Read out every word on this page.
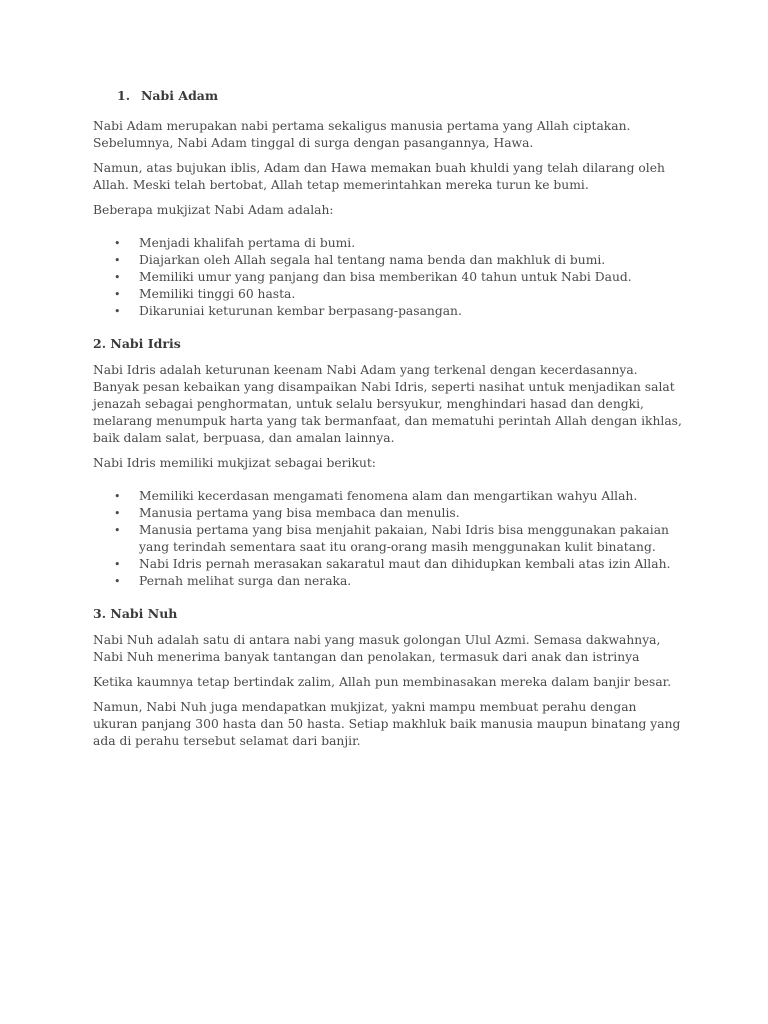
1. Nabi Adam

Nabi Adam merupakan nabi pertama sekaligus manusia pertama yang Allah ciptakan. Sebelumnya, Nabi Adam tinggal di surga dengan pasangannya, Hawa.

Namun, atas bujukan iblis, Adam dan Hawa memakan buah khuldi yang telah dilarang oleh Allah. Meski telah bertobat, Allah tetap memerintahkan mereka turun ke bumi.

Beberapa mukjizat Nabi Adam adalah:

• Menjadi khalifah pertama di bumi.
• Diajarkan oleh Allah segala hal tentang nama benda dan makhluk di bumi.
• Memiliki umur yang panjang dan bisa memberikan 40 tahun untuk Nabi Daud.
• Memiliki tinggi 60 hasta.
• Dikaruniai keturunan kembar berpasang-pasangan.
2. Nabi Idris

Nabi Idris adalah keturunan keenam Nabi Adam yang terkenal dengan kecerdasannya. Banyak pesan kebaikan yang disampaikan Nabi Idris, seperti nasihat untuk menjadikan salat jenazah sebagai penghormatan, untuk selalu bersyukur, menghindari hasad dan dengki, melarang menumpuk harta yang tak bermanfaat, dan mematuhi perintah Allah dengan ikhlas, baik dalam salat, berpuasa, dan amalan lainnya.

Nabi Idris memiliki mukjizat sebagai berikut:

• Memiliki kecerdasan mengamati fenomena alam dan mengartikan wahyu Allah.
• Manusia pertama yang bisa membaca dan menulis.
• Manusia pertama yang bisa menjahit pakaian, Nabi Idris bisa menggunakan pakaian yang terindah sementara saat itu orang-orang masih menggunakan kulit binatang.
• Nabi Idris pernah merasakan sakaratul maut dan dihidupkan kembali atas izin Allah.
• Pernah melihat surga dan neraka.
3. Nabi Nuh

Nabi Nuh adalah satu di antara nabi yang masuk golongan Ulul Azmi. Semasa dakwahnya, Nabi Nuh menerima banyak tantangan dan penolakan, termasuk dari anak dan istrinya

Ketika kaumnya tetap bertindak zalim, Allah pun membinasakan mereka dalam banjir besar.

Namun, Nabi Nuh juga mendapatkan mukjizat, yakni mampu membuat perahu dengan ukuran panjang 300 hasta dan 50 hasta. Setiap makhluk baik manusia maupun binatang yang ada di perahu tersebut selamat dari banjir.
